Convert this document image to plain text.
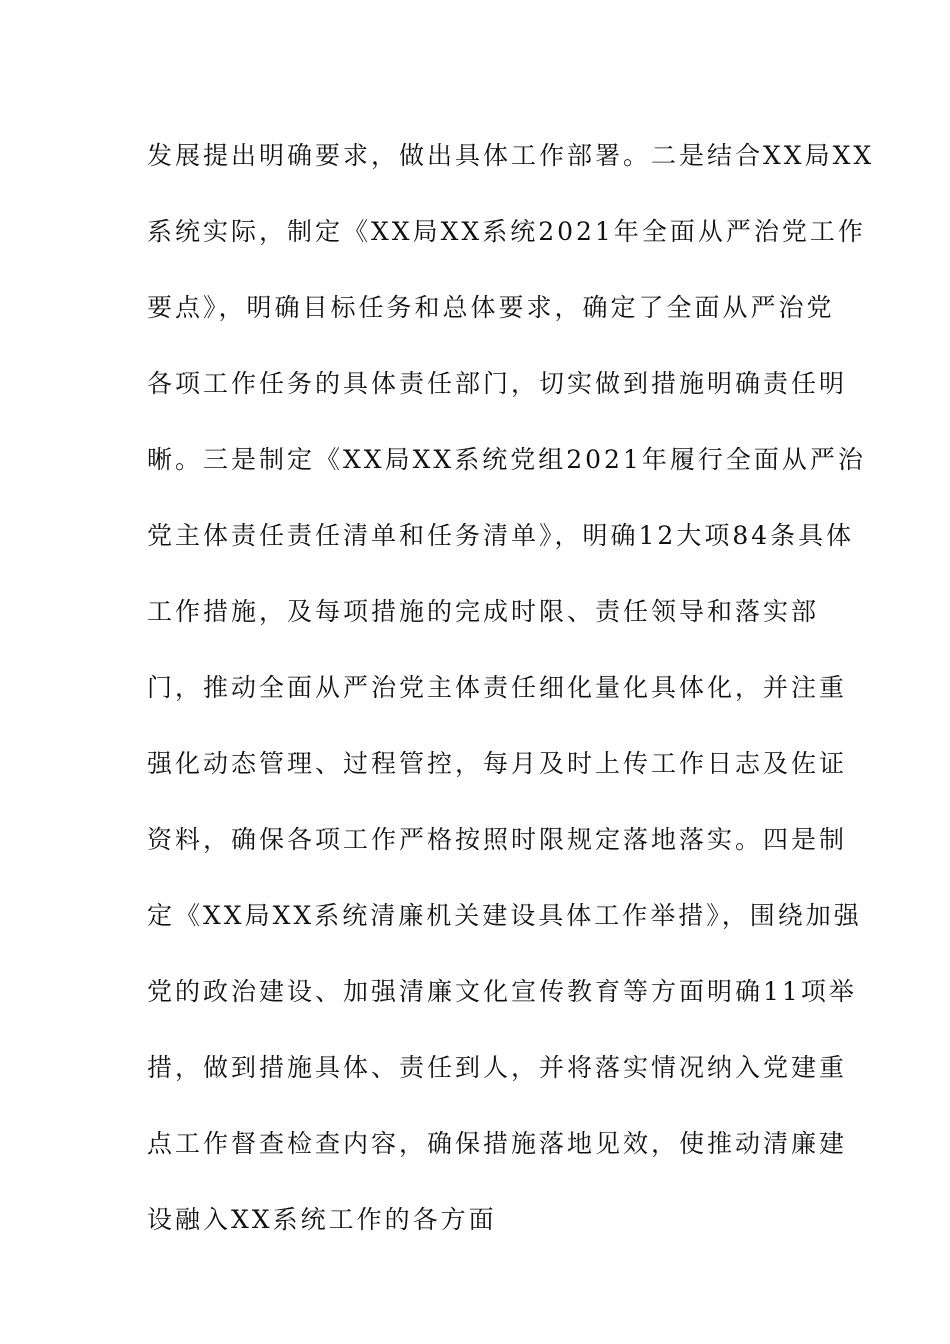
发展提出明确要求，做出具体工作部署。二是结合XX局XX
系统实际，制定《XX局XX系统2021年全面从严治党工作
要点》，明确目标任务和总体要求，确定了全面从严治党
各项工作任务的具体责任部门，切实做到措施明确责任明
晰。三是制定《XX局XX系统党组2021年履行全面从严治
党主体责任责任清单和任务清单》，明确12大项84条具体
工作措施，及每项措施的完成时限、责任领导和落实部
门，推动全面从严治党主体责任细化量化具体化，并注重
强化动态管理、过程管控，每月及时上传工作日志及佐证
资料，确保各项工作严格按照时限规定落地落实。四是制
定《XX局XX系统清廉机关建设具体工作举措》，围绕加强
党的政治建设、加强清廉文化宣传教育等方面明确11项举
措，做到措施具体、责任到人，并将落实情况纳入党建重
点工作督查检查内容，确保措施落地见效，使推动清廉建
设融入XX系统工作的各方面
